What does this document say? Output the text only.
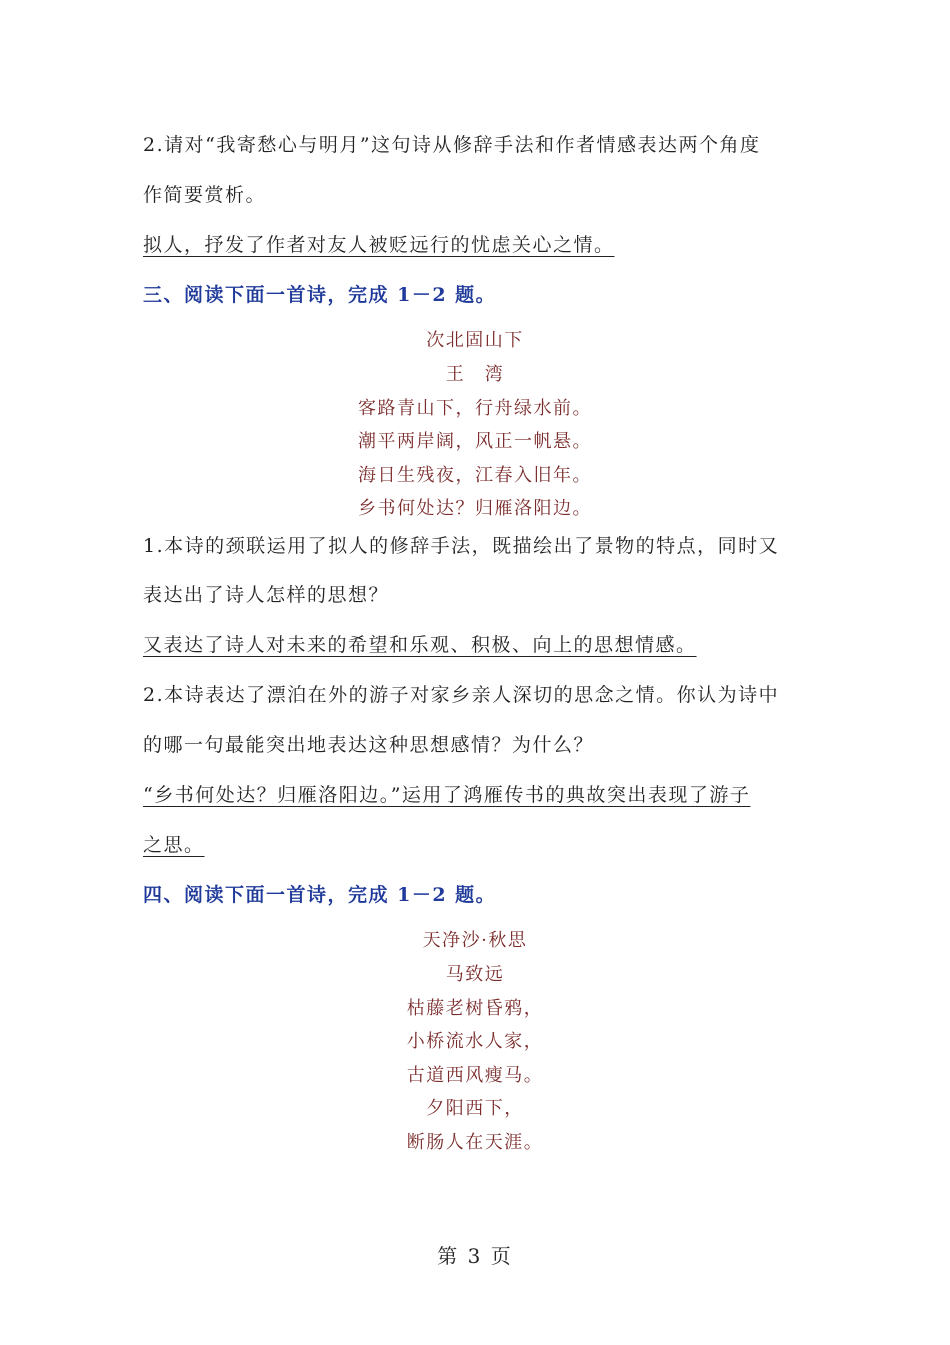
2.请对“我寄愁心与明月”这句诗从修辞手法和作者情感表达两个角度
作简要赏析。
拟人，抒发了作者对友人被贬远行的忧虑关心之情。
三、阅读下面一首诗，完成 1－2 题。
次北固山下
王　湾
客路青山下，行舟绿水前。
潮平两岸阔，风正一帆悬。
海日生残夜，江春入旧年。
乡书何处达？归雁洛阳边。
1.本诗的颈联运用了拟人的修辞手法，既描绘出了景物的特点，同时又
表达出了诗人怎样的思想？
又表达了诗人对未来的希望和乐观、积极、向上的思想情感。
2.本诗表达了漂泊在外的游子对家乡亲人深切的思念之情。你认为诗中
的哪一句最能突出地表达这种思想感情？为什么？
“乡书何处达？归雁洛阳边。”运用了鸿雁传书的典故突出表现了游子
之思。
四、阅读下面一首诗，完成 1－2 题。
天净沙·秋思
马致远
枯藤老树昏鸦，
小桥流水人家，
古道西风瘦马。
夕阳西下，
断肠人在天涯。
第 3 页
